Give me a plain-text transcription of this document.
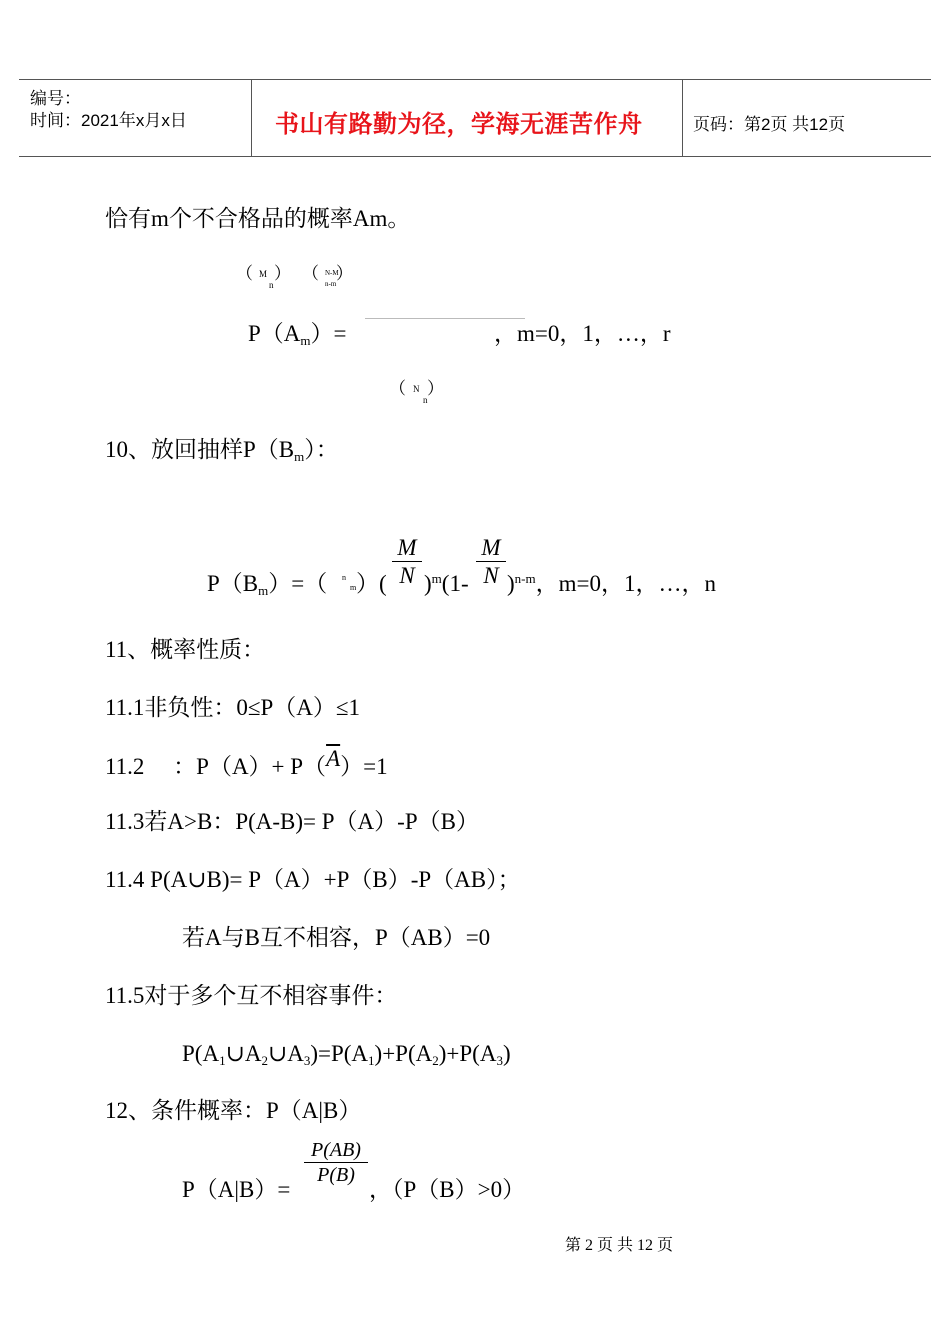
编号：
时间：2021年x月x日	书山有路勤为径，学海无涯苦作舟	页码：第2页 共12页
恰有m个不合格品的概率Am。
（ M
n
） （ N-M
n-m
）
$P(A_m)=$	，m=0，1，…，r
（ N
n
）
10、放回抽样$P(B_m)$：
$P(B_m)=$（ n
m ）(
M
N )$^m$(1-
M
N )$^{n-m}$，m=0，1，…，n
11、概率性质：
11.1非负性：0≤P（A）≤1
11.2     ：$P(A)+ P(\overline{A})=1$
11.3若A>B：P(A-B)= P（A）-P（B）
11.4 P(A∪B)= P（A）+P（B）-P（AB）；
若A与B互不相容，P（AB）=0
11.5对于多个互不相容事件：
$P(A_1\cup A_2\cup A_3)=P(A_1)+P(A_2)+P(A_3)$
12、条件概率：P（A|B）
P（A|B）=
P(AB)
P(B)
，（P（B）>0）
第 2 页 共 12 页
